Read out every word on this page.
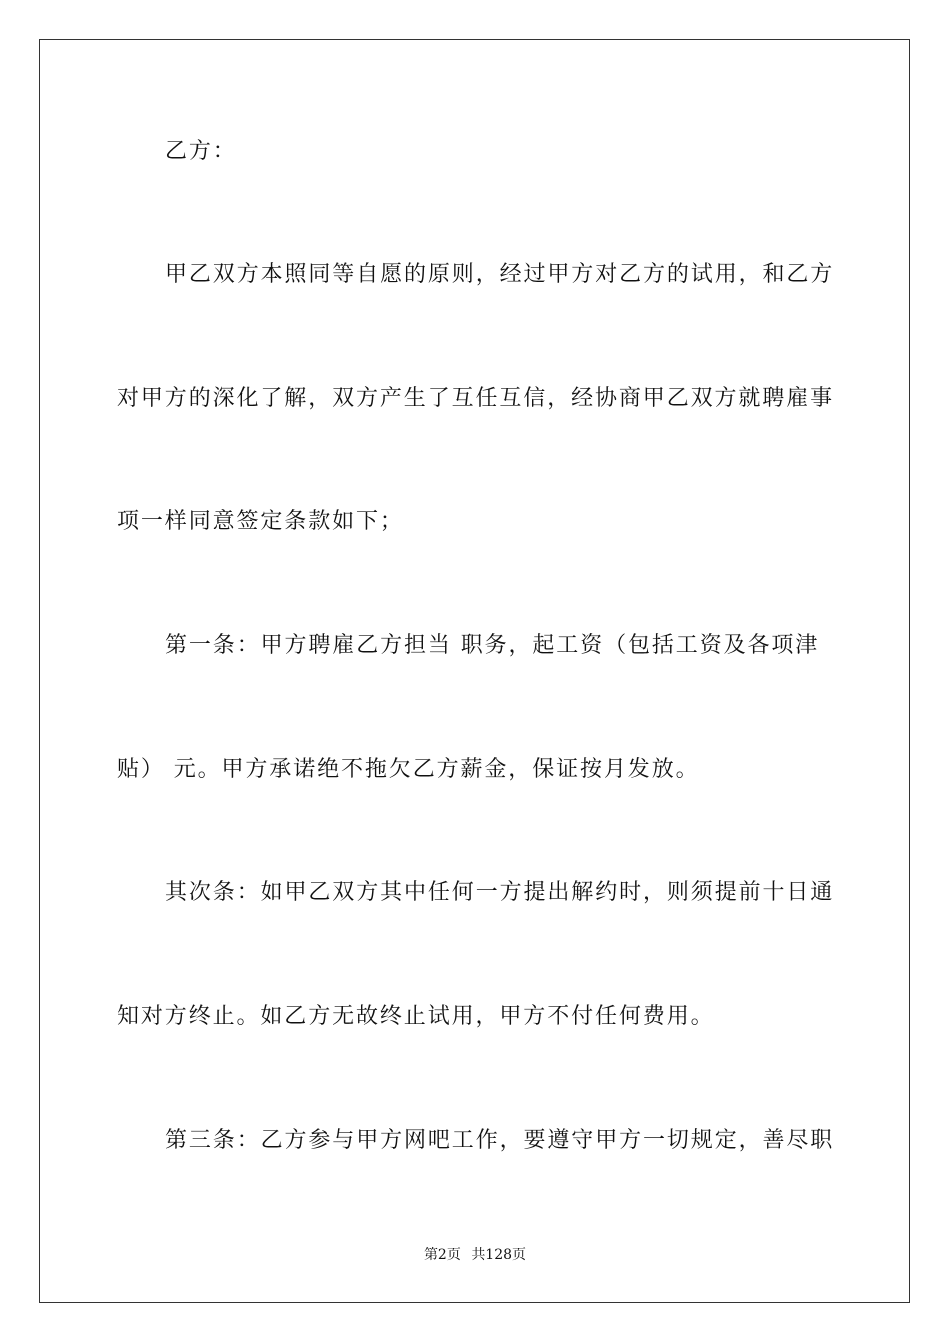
乙方：
甲乙双方本照同等自愿的原则，经过甲方对乙方的试用，和乙方
对甲方的深化了解，双方产生了互任互信，经协商甲乙双方就聘雇事
项一样同意签定条款如下；
第一条：甲方聘雇乙方担当 职务，起工资（包括工资及各项津
贴） 元。甲方承诺绝不拖欠乙方薪金，保证按月发放。
其次条：如甲乙双方其中任何一方提出解约时，则须提前十日通
知对方终止。如乙方无故终止试用，甲方不付任何费用。
第三条：乙方参与甲方网吧工作，要遵守甲方一切规定，善尽职
第2页 共128页
